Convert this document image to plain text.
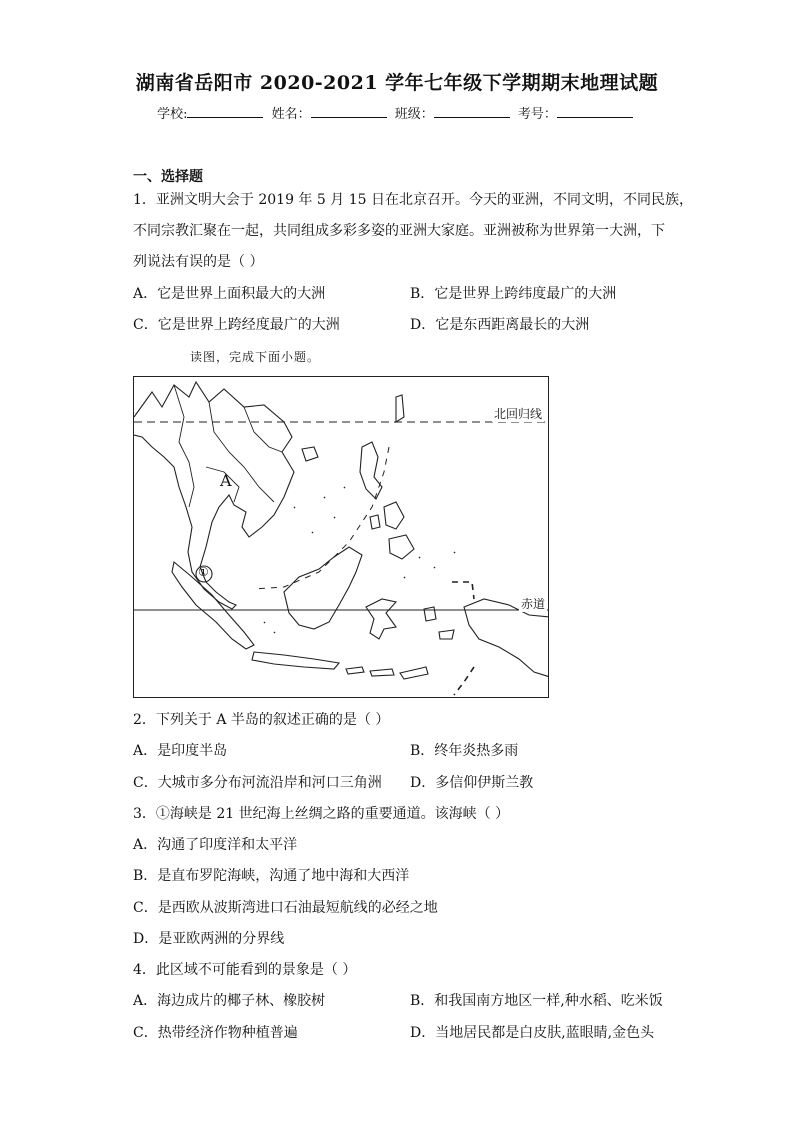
湖南省岳阳市 2020-2021 学年七年级下学期期末地理试题
学校:	姓名：	班级：	考号：
一、选择题
1．亚洲文明大会于 2019 年 5 月 15 日在北京召开。今天的亚洲，不同文明，不同民族，
不同宗教汇聚在一起，共同组成多彩多姿的亚洲大家庭。亚洲被称为世界第一大洲，下
列说法有误的是（ ）
A．它是世界上面积最大的大洲	B．它是世界上跨纬度最广的大洲
C．它是世界上跨经度最广的大洲	D．它是东西距离最长的大洲
读图，完成下面小题。
北回归线
赤道
A
①
2．下列关于 A 半岛的叙述正确的是（ ）
A．是印度半岛	B．终年炎热多雨
C．大城市多分布河流沿岸和河口三角洲 D．多信仰伊斯兰教
3．①海峡是 21 世纪海上丝绸之路的重要通道。该海峡（ ）
A．沟通了印度洋和太平洋
B．是直布罗陀海峡，沟通了地中海和大西洋
C．是西欧从波斯湾进口石油最短航线的必经之地
D．是亚欧两洲的分界线
4．此区域不可能看到的景象是（ ）
A．海边成片的椰子林、橡胶树	B．和我国南方地区一样,种水稻、吃米饭
C．热带经济作物种植普遍	D．当地居民都是白皮肤,蓝眼睛,金色头
